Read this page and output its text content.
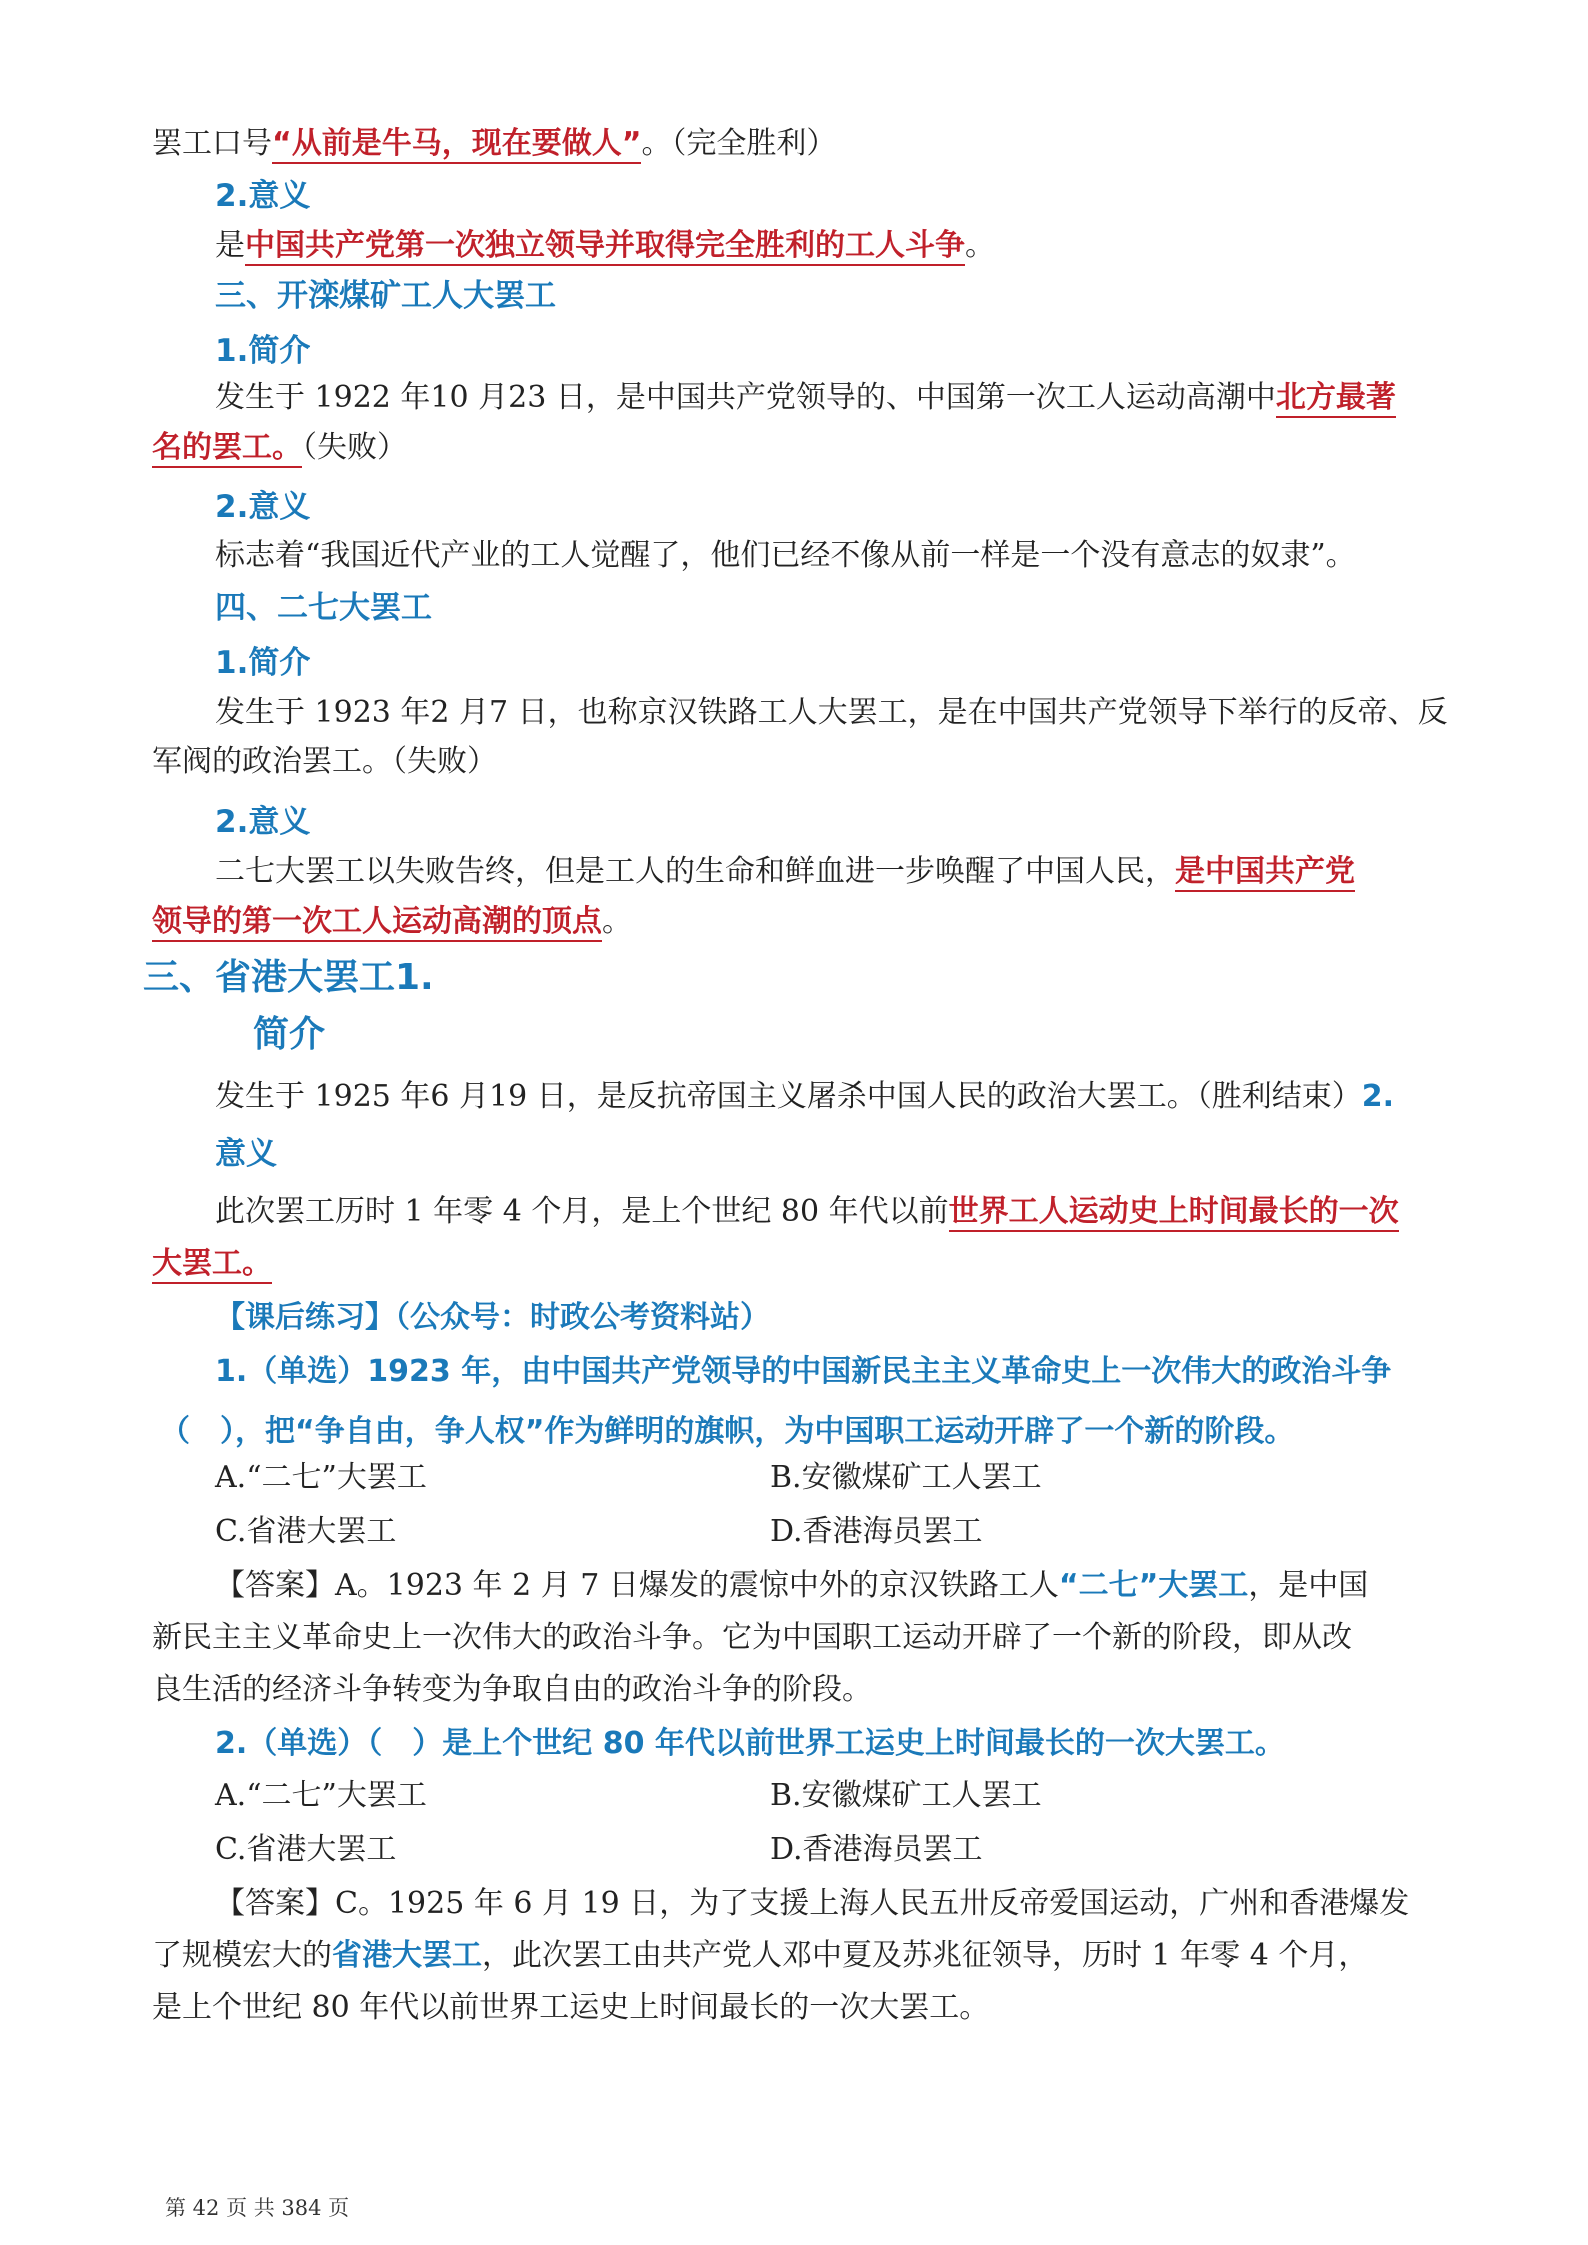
罢工口号“从前是牛马，现在要做人”。（完全胜利）
2.意义
是中国共产党第一次独立领导并取得完全胜利的工人斗争。
三、开滦煤矿工人大罢工
1.简介
发生于 1922 年10 月23 日，是中国共产党领导的、中国第一次工人运动高潮中北方最著
名的罢工。（失败）
2.意义
标志着“我国近代产业的工人觉醒了，他们已经不像从前一样是一个没有意志的奴隶”。
四、二七大罢工
1.简介
发生于 1923 年2 月7 日，也称京汉铁路工人大罢工，是在中国共产党领导下举行的反帝、反
军阀的政治罢工。（失败）
2.意义
二七大罢工以失败告终，但是工人的生命和鲜血进一步唤醒了中国人民，是中国共产党
领导的第一次工人运动高潮的顶点。
三、省港大罢工1.
简介
发生于 1925 年6 月19 日，是反抗帝国主义屠杀中国人民的政治大罢工。（胜利结束）2.
意义
此次罢工历时 1 年零 4 个月，是上个世纪 80 年代以前世界工人运动史上时间最长的一次
大罢工。
【课后练习】（公众号：时政公考资料站）
1.（单选）1923 年，由中国共产党领导的中国新民主主义革命史上一次伟大的政治斗争
（　），把“争自由，争人权”作为鲜明的旗帜，为中国职工运动开辟了一个新的阶段。
A.“二七”大罢工	B.安徽煤矿工人罢工
C.省港大罢工	D.香港海员罢工
【答案】A。1923 年 2 月 7 日爆发的震惊中外的京汉铁路工人“二七”大罢工，是中国
新民主主义革命史上一次伟大的政治斗争。它为中国职工运动开辟了一个新的阶段，即从改
良生活的经济斗争转变为争取自由的政治斗争的阶段。
2.（单选）（　）是上个世纪 80 年代以前世界工运史上时间最长的一次大罢工。
A.“二七”大罢工	B.安徽煤矿工人罢工
C.省港大罢工	D.香港海员罢工
【答案】C。1925 年 6 月 19 日，为了支援上海人民五卅反帝爱国运动，广州和香港爆发
了规模宏大的省港大罢工，此次罢工由共产党人邓中夏及苏兆征领导，历时 1 年零 4 个月，
是上个世纪 80 年代以前世界工运史上时间最长的一次大罢工。
第 42 页 共 384 页
